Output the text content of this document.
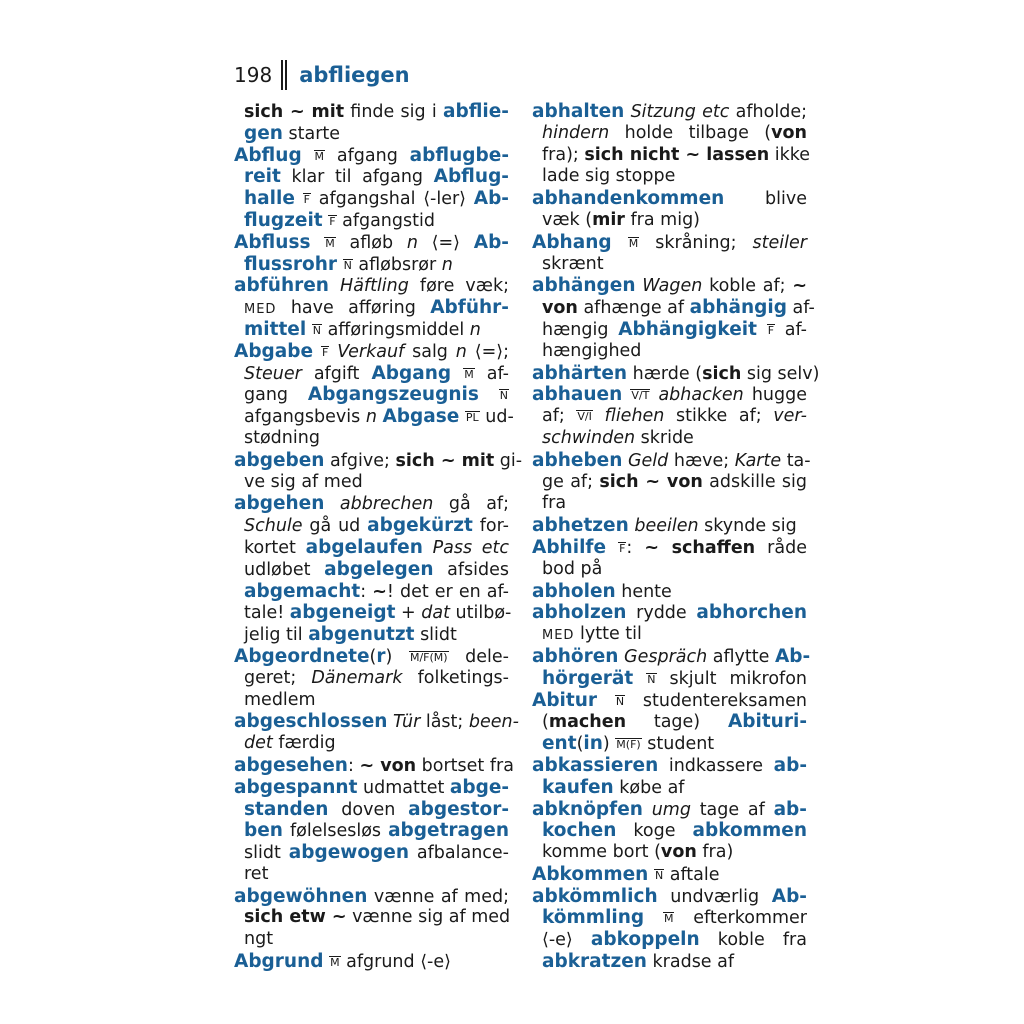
198 abfliegen
sich ~ mit finde sig i abflie-
gen starte
Abflug M afgang abflugbe-
reit klar til afgang Abflug-
halle F afgangshal ⟨-ler⟩ Ab-
flugzeit F afgangstid
Abfluss M afløb n ⟨=⟩ Ab-
flussrohr N afløbsrør n
abführen Häftling føre væk;
MED have afføring Abführ-
mittel N afføringsmiddel n
Abgabe F Verkauf salg n ⟨=⟩;
Steuer afgift Abgang M af-
gang Abgangszeugnis N
afgangsbevis n Abgase PL ud-
stødning
abgeben afgive; sich ~ mit gi-
ve sig af med
abgehen abbrechen gå af;
Schule gå ud abgekürzt for-
kortet abgelaufen Pass etc
udløbet abgelegen afsides
abgemacht: ~! det er en af-
tale! abgeneigt + dat utilbø-
jelig til abgenutzt slidt
Abgeordnete(r) M/F(M) dele-
geret; Dänemark folketings-
medlem
abgeschlossen Tür låst; been-
det færdig
abgesehen: ~ von bortset fra
abgespannt udmattet abge-
standen doven abgestor-
ben følelsesløs abgetragen
slidt abgewogen afbalance-
ret
abgewöhnen vænne af med;
sich etw ~ vænne sig af med
ngt
Abgrund M afgrund ⟨-e⟩
abhalten Sitzung etc afholde;
hindern holde tilbage (von
fra); sich nicht ~ lassen ikke
lade sig stoppe
abhandenkommen blive
væk (mir fra mig)
Abhang M skråning; steiler
skrænt
abhängen Wagen koble af; ~
von afhænge af abhängig af-
hængig Abhängigkeit F af-
hængighed
abhärten hærde (sich sig selv)
abhauen V/T abhacken hugge
af; V/I fliehen stikke af; ver-
schwinden skride
abheben Geld hæve; Karte ta-
ge af; sich ~ von adskille sig
fra
abhetzen beeilen skynde sig
Abhilfe F: ~ schaffen råde
bod på
abholen hente
abholzen rydde abhorchen
MED lytte til
abhören Gespräch aflytte Ab-
hörgerät N skjult mikrofon
Abitur N studentereksamen
(machen tage) Abituri-
ent(in) M(F) student
abkassieren indkassere ab-
kaufen købe af
abknöpfen umg tage af ab-
kochen koge abkommen
komme bort (von fra)
Abkommen N aftale
abkömmlich undværlig Ab-
kömmling M efterkommer
⟨-e⟩ abkoppeln koble fra
abkratzen kradse af
